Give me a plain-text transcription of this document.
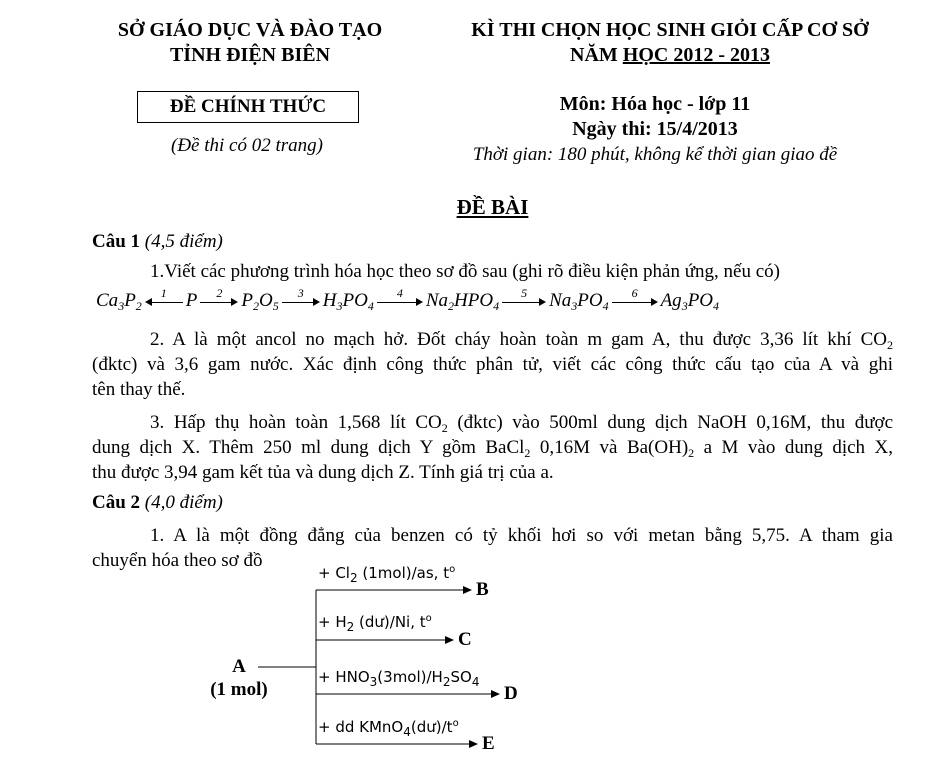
SỞ GIÁO DỤC VÀ ĐÀO TẠO
TỈNH ĐIỆN BIÊN
KÌ THI CHỌN HỌC SINH GIỎI CẤP CƠ SỞ
NĂM HỌC 2012 - 2013
ĐỀ CHÍNH THỨC
(Đề thi có 02 trang)
Môn: Hóa học - lớp 11
Ngày thi: 15/4/2013
Thời gian: 180 phút, không kể thời gian giao đề
ĐỀ BÀI
Câu 1 (4,5 điểm)
1.Viết các phương trình hóa học theo sơ đồ sau (ghi rõ điều kiện phản ứng, nếu có)
$Ca_3P_2$
1	P	2	$P_2O_5$
3	$H_3PO_4$
4	$Na_2HPO_4$
5	$Na_3PO_4$
6	$Ag_3PO_4$
2. A là một ancol no mạch hở. Đốt cháy hoàn toàn m gam A, thu được 3,36 lít khí $CO_2$
(đktc) và 3,6 gam nước. Xác định công thức phân tử, viết các công thức cấu tạo của A và ghi
tên thay thế.
3. Hấp thụ hoàn toàn 1,568 lít $CO_2$ (đktc) vào 500ml dung dịch NaOH 0,16M, thu được
dung dịch X. Thêm 250 ml dung dịch Y gồm BaCl$_2$ 0,16M và $Ba(OH)_2$ a M vào dung dịch X,
thu được 3,94 gam kết tủa và dung dịch Z. Tính giá trị của a.
Câu 2 (4,0 điểm)
1. A là một đồng đẳng của benzen có tỷ khối hơi so với metan bằng 5,75. A tham gia
chuyển hóa theo sơ đồ
A
(1 mol)
+ $Cl_2$ (1mol)/as, $t^o$
+ $H_2$ (dư)/Ni, $t^o$
+ $HNO_3(3mol)/H_2SO_4$
+ dd $KMnO_4(dư)/t^o$
B
C
D
E
